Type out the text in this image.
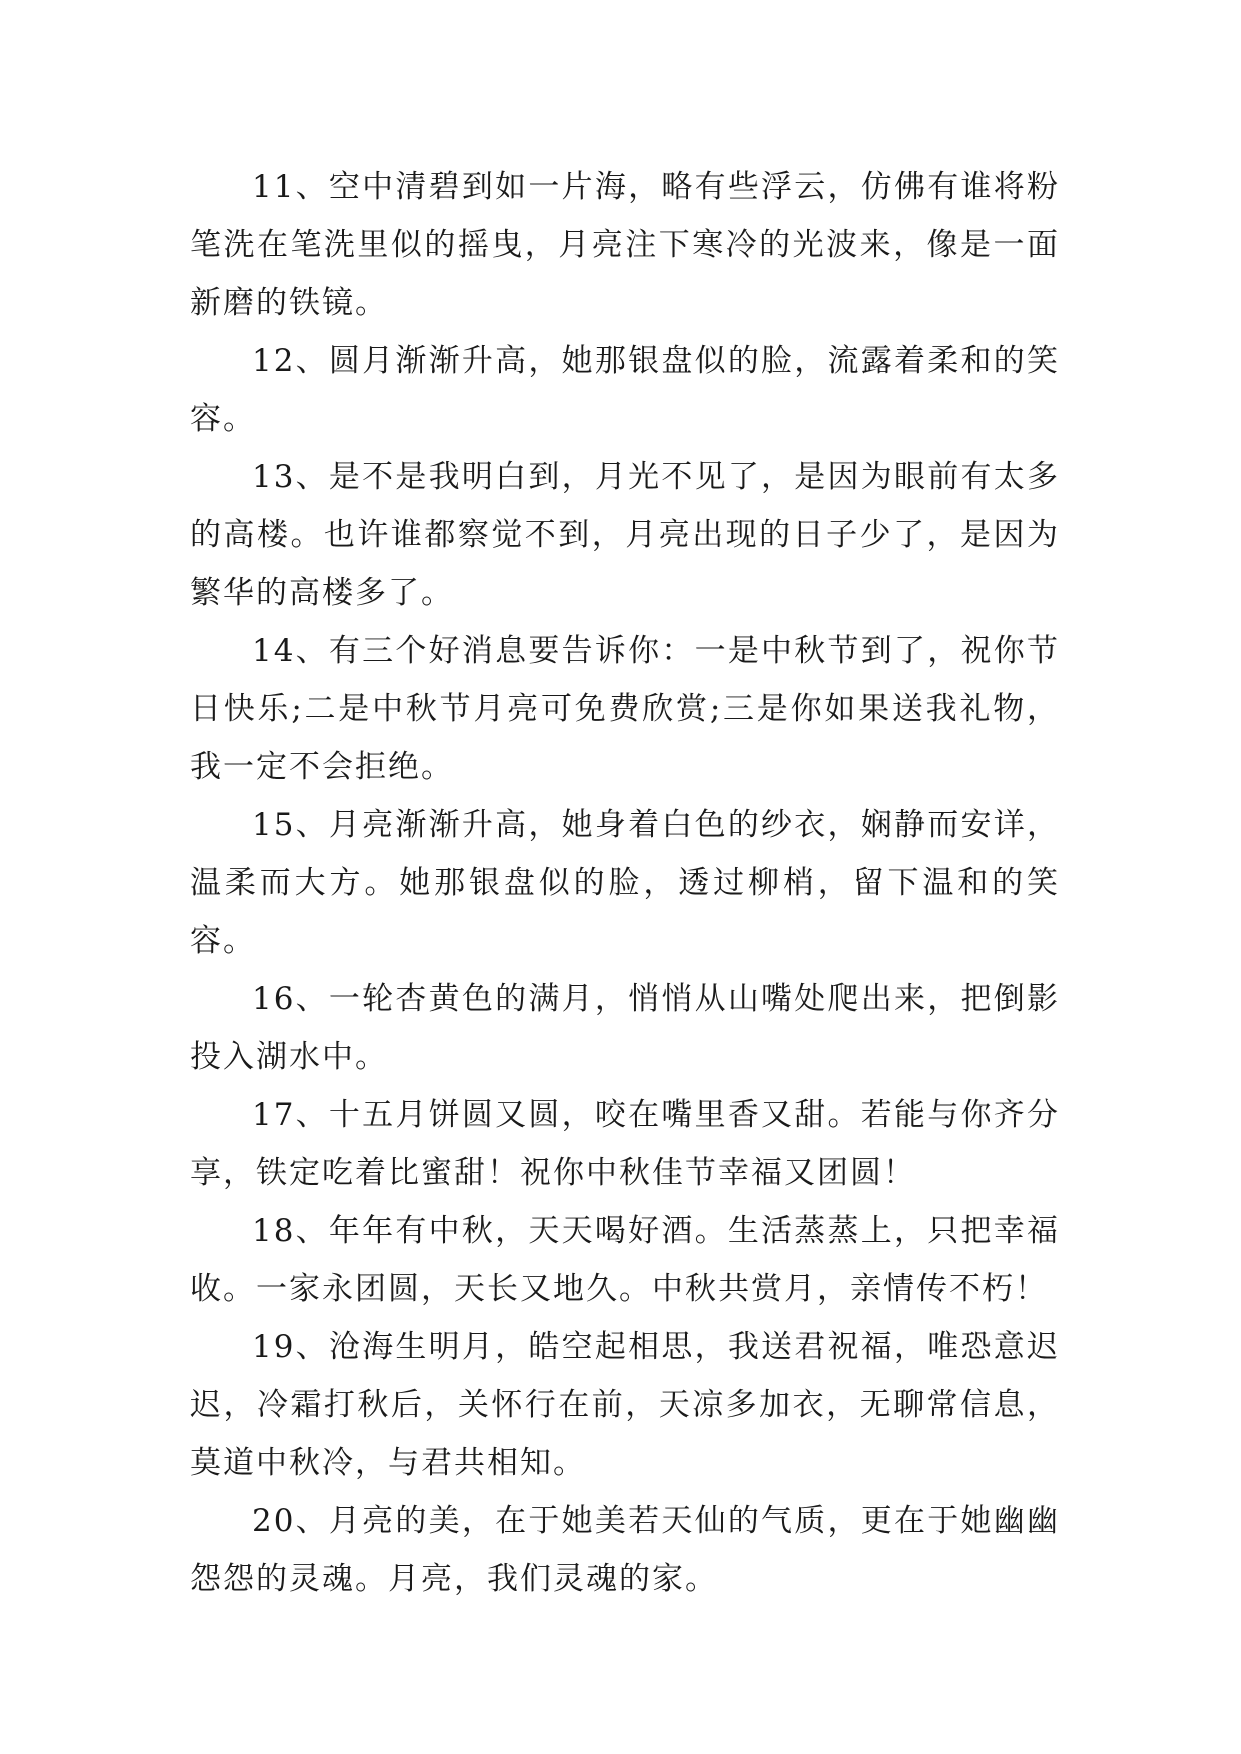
11、空中清碧到如一片海，略有些浮云，仿佛有谁将粉笔洗在笔洗里似的摇曳，月亮注下寒冷的光波来，像是一面新磨的铁镜。

12、圆月渐渐升高，她那银盘似的脸，流露着柔和的笑容。

13、是不是我明白到，月光不见了，是因为眼前有太多的高楼。也许谁都察觉不到，月亮出现的日子少了，是因为繁华的高楼多了。

14、有三个好消息要告诉你：一是中秋节到了，祝你节日快乐;二是中秋节月亮可免费欣赏;三是你如果送我礼物，我一定不会拒绝。

15、月亮渐渐升高，她身着白色的纱衣，娴静而安详，温柔而大方。她那银盘似的脸，透过柳梢，留下温和的笑容。

16、一轮杏黄色的满月，悄悄从山嘴处爬出来，把倒影投入湖水中。

17、十五月饼圆又圆，咬在嘴里香又甜。若能与你齐分享，铁定吃着比蜜甜！祝你中秋佳节幸福又团圆！

18、年年有中秋，天天喝好酒。生活蒸蒸上，只把幸福收。一家永团圆，天长又地久。中秋共赏月，亲情传不朽！

19、沧海生明月，皓空起相思，我送君祝福，唯恐意迟迟，冷霜打秋后，关怀行在前，天凉多加衣，无聊常信息，莫道中秋冷，与君共相知。

20、月亮的美，在于她美若天仙的气质，更在于她幽幽怨怨的灵魂。月亮，我们灵魂的家。
